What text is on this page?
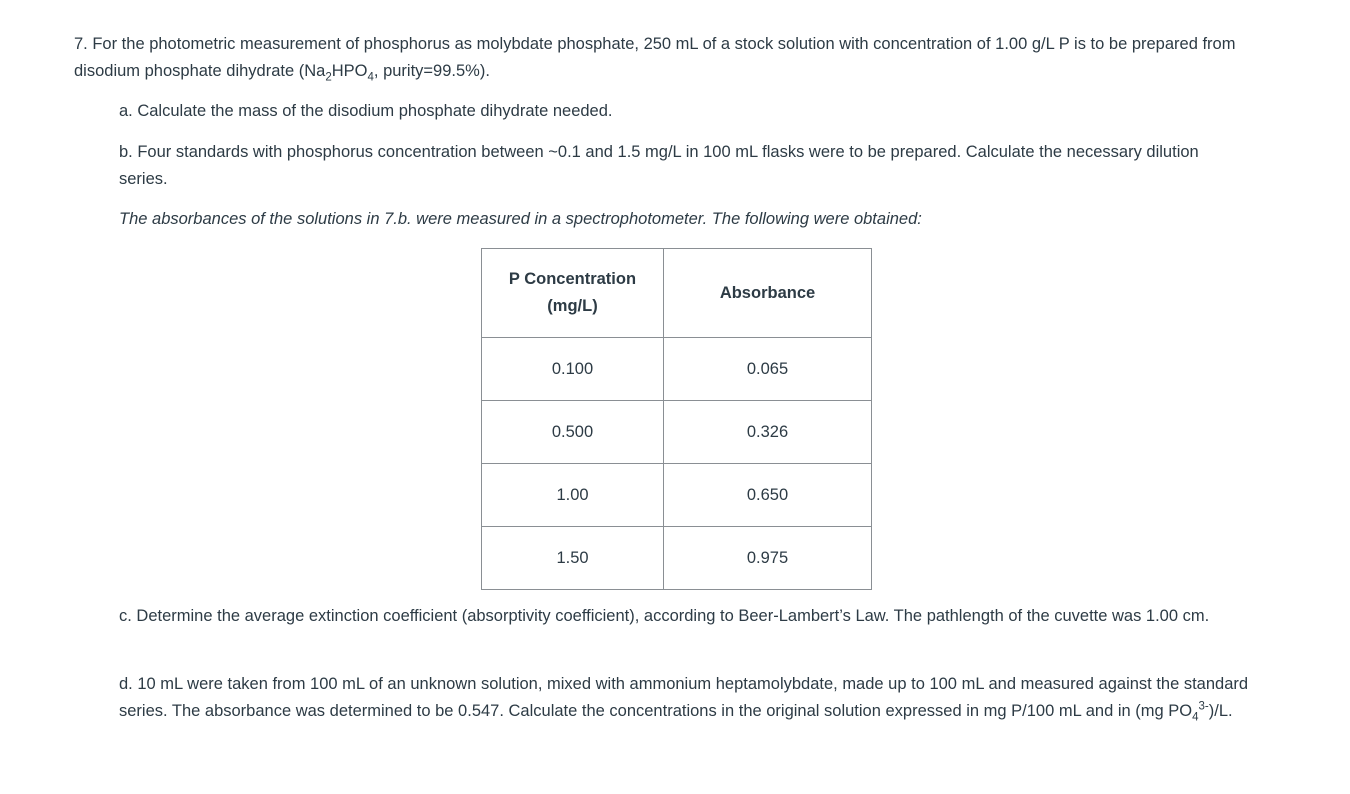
7. For the photometric measurement of phosphorus as molybdate phosphate, 250 mL of a stock solution with concentration of 1.00 g/L P is to be prepared from disodium phosphate dihydrate ($Na_2HPO_4$, purity=99.5%).

a. Calculate the mass of the disodium phosphate dihydrate needed.

b. Four standards with phosphorus concentration between ~0.1 and 1.5 mg/L in 100 mL flasks were to be prepared. Calculate the necessary dilution series.

The absorbances of the solutions in 7.b. were measured in a spectrophotometer. The following were obtained:

P Concentration
(mg/L)	Absorbance
0.100	0.065
0.500	0.326
1.00	0.650
1.50	0.975

c. Determine the average extinction coefficient (absorptivity coefficient), according to Beer-Lambert’s Law. The pathlength of the cuvette was 1.00 cm.

d. 10 mL were taken from 100 mL of an unknown solution, mixed with ammonium heptamolybdate, made up to 100 mL and measured against the standard series. The absorbance was determined to be 0.547. Calculate the concentrations in the original solution expressed in mg P/100 mL and in (mg $PO_4^{3-})/L$.
